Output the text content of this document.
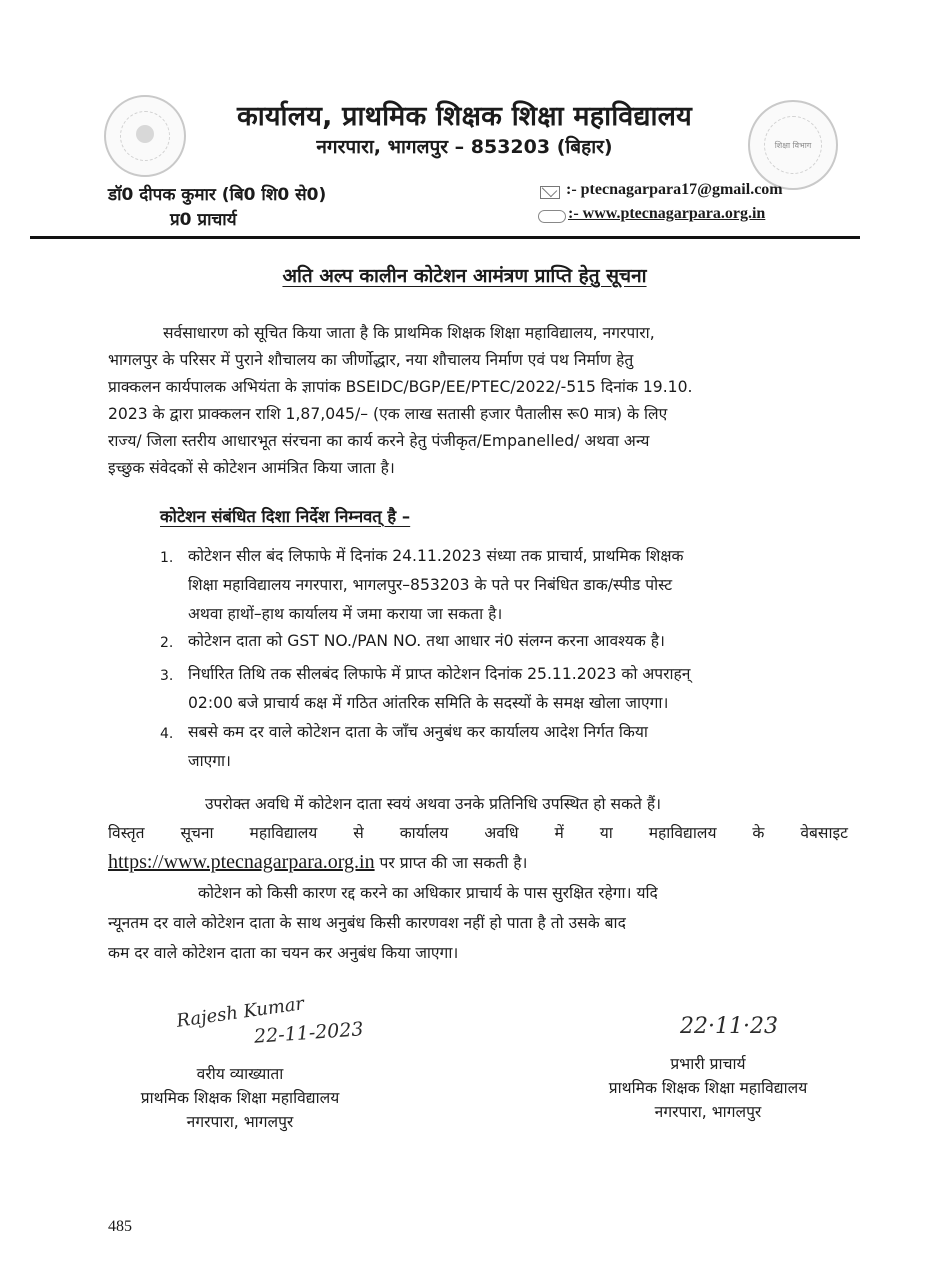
शिक्षा विभाग
कार्यालय, प्राथमिक शिक्षक शिक्षा महाविद्यालय
नगरपारा, भागलपुर – 853203 (बिहार)
डॉ0 दीपक कुमार (बि0 शि0 से0)
प्र0 प्राचार्य
:- ptecnagarpara17@gmail.com
:- www.ptecnagarpara.org.in
अति अल्प कालीन कोटेशन आमंत्रण प्राप्ति हेतु सूचना
सर्वसाधारण को सूचित किया जाता है कि प्राथमिक शिक्षक शिक्षा महाविद्यालय, नगरपारा,
भागलपुर के परिसर में पुराने शौचालय का जीर्णोद्धार, नया शौचालय निर्माण एवं पथ निर्माण हेतु
प्राक्कलन कार्यपालक अभियंता के ज्ञापांक BSEIDC/BGP/EE/PTEC/2022/-515 दिनांक 19.10.
2023 के द्वारा प्राक्कलन राशि 1,87,045/– (एक लाख सतासी हजार पैतालीस रू0 मात्र) के लिए
राज्य/ जिला स्तरीय आधारभूत संरचना का कार्य करने हेतु पंजीकृत/Empanelled/ अथवा अन्य
इच्छुक संवेदकों से कोटेशन आमंत्रित किया जाता है।
कोटेशन संबंधित दिशा निर्देश निम्नवत् है –
1. कोटेशन सील बंद लिफाफे में दिनांक 24.11.2023 संध्या तक प्राचार्य, प्राथमिक शिक्षक
शिक्षा महाविद्यालय नगरपारा, भागलपुर–853203 के पते पर निबंधित डाक/स्पीड पोस्ट
अथवा हाथों–हाथ कार्यालय में जमा कराया जा सकता है।
2. कोटेशन दाता को GST NO./PAN NO. तथा आधार नं0 संलग्न करना आवश्यक है।
3. निर्धारित तिथि तक सीलबंद लिफाफे में प्राप्त कोटेशन दिनांक 25.11.2023 को अपराहन्
02:00 बजे प्राचार्य कक्ष में गठित आंतरिक समिति के सदस्यों के समक्ष खोला जाएगा।
4. सबसे कम दर वाले कोटेशन दाता के जाँच अनुबंध कर कार्यालय आदेश निर्गत किया
जाएगा।
उपरोक्त अवधि में कोटेशन दाता स्वयं अथवा उनके प्रतिनिधि उपस्थित हो सकते हैं।
विस्तृत सूचना महाविद्यालय से कार्यालय अवधि में या महाविद्यालय के वेबसाइट
https://www.ptecnagarpara.org.in पर प्राप्त की जा सकती है।
कोटेशन को किसी कारण रद्द करने का अधिकार प्राचार्य के पास सुरक्षित रहेगा। यदि
न्यूनतम दर वाले कोटेशन दाता के साथ अनुबंध किसी कारणवश नहीं हो पाता है तो उसके बाद
कम दर वाले कोटेशन दाता का चयन कर अनुबंध किया जाएगा।
Rajesh Kumar
22-11-2023	22·11·23
वरीय व्याख्याता
प्राथमिक शिक्षक शिक्षा महाविद्यालय
नगरपारा, भागलपुर
प्रभारी प्राचार्य
प्राथमिक शिक्षक शिक्षा महाविद्यालय
नगरपारा, भागलपुर
485
